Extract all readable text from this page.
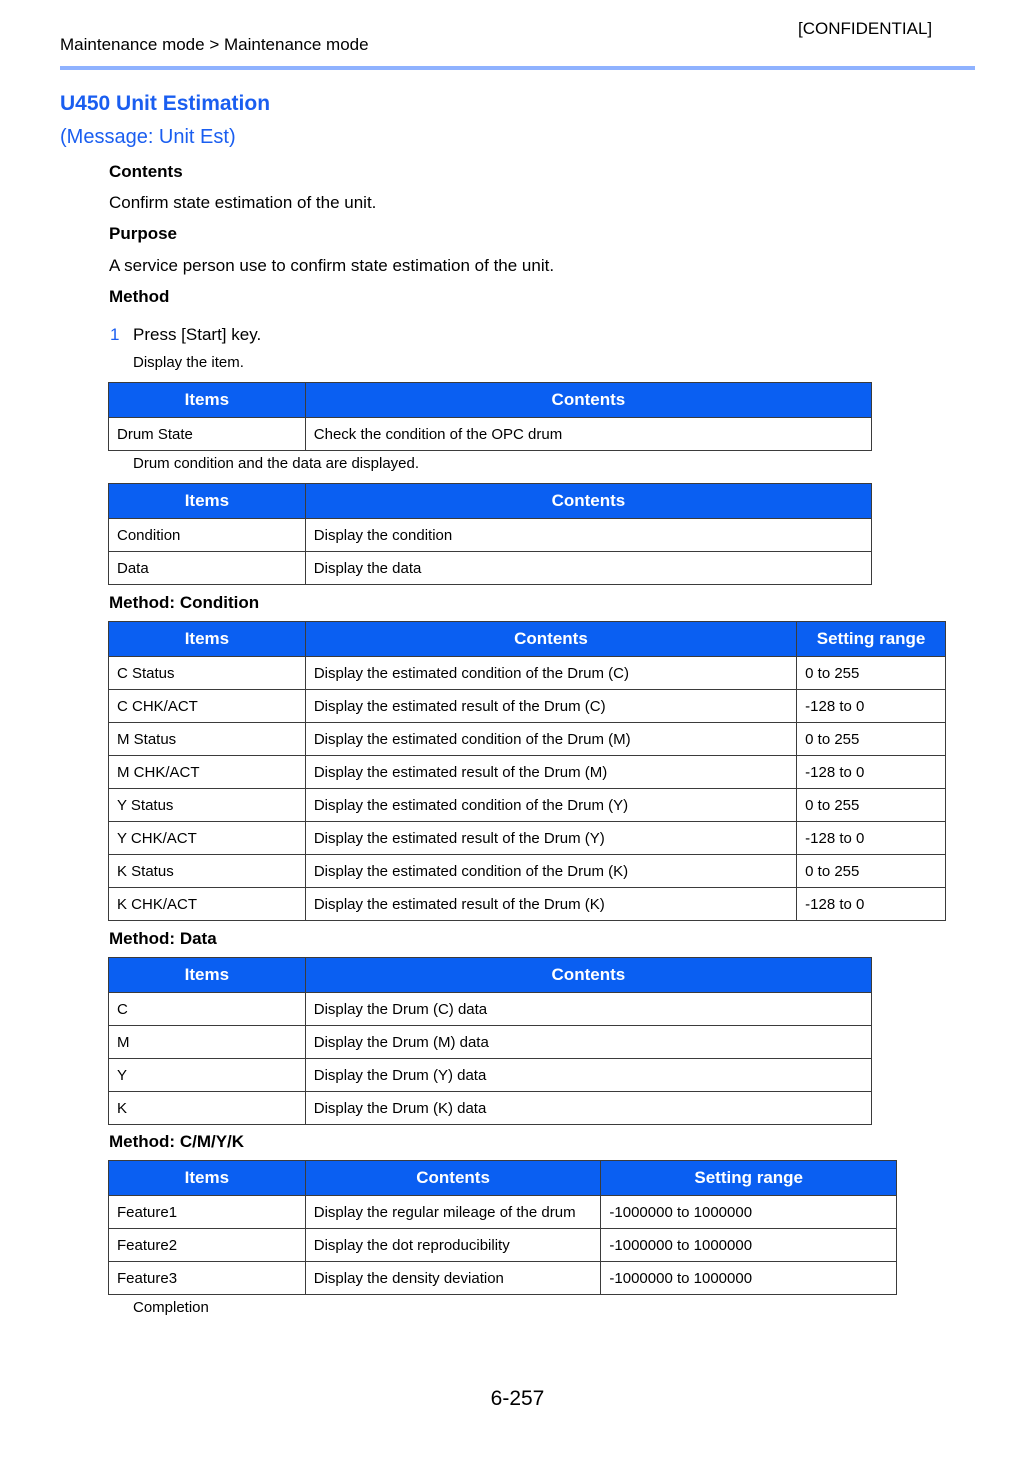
[CONFIDENTIAL]
Maintenance mode > Maintenance mode
U450 Unit Estimation
(Message: Unit Est)
Contents
Confirm state estimation of the unit.
Purpose
A service person use to confirm state estimation of the unit.
Method
1 Press [Start] key.
Display the item.
Items	Contents
Drum State	Check the condition of the OPC drum
Drum condition and the data are displayed.
Items	Contents
Condition	Display the condition
Data	Display the data
Method: Condition
Items	Contents	Setting range
C Status	Display the estimated condition of the Drum (C)	0 to 255
C CHK/ACT	Display the estimated result of the Drum (C)	-128 to 0
M Status	Display the estimated condition of the Drum (M)	0 to 255
M CHK/ACT	Display the estimated result of the Drum (M)	-128 to 0
Y Status	Display the estimated condition of the Drum (Y)	0 to 255
Y CHK/ACT	Display the estimated result of the Drum (Y)	-128 to 0
K Status	Display the estimated condition of the Drum (K)	0 to 255
K CHK/ACT	Display the estimated result of the Drum (K)	-128 to 0
Method: Data
Items	Contents
C	Display the Drum (C) data
M	Display the Drum (M) data
Y	Display the Drum (Y) data
K	Display the Drum (K) data
Method: C/M/Y/K
Items	Contents	Setting range
Feature1	Display the regular mileage of the drum	-1000000 to 1000000
Feature2	Display the dot reproducibility	-1000000 to 1000000
Feature3	Display the density deviation	-1000000 to 1000000
Completion
6-257
